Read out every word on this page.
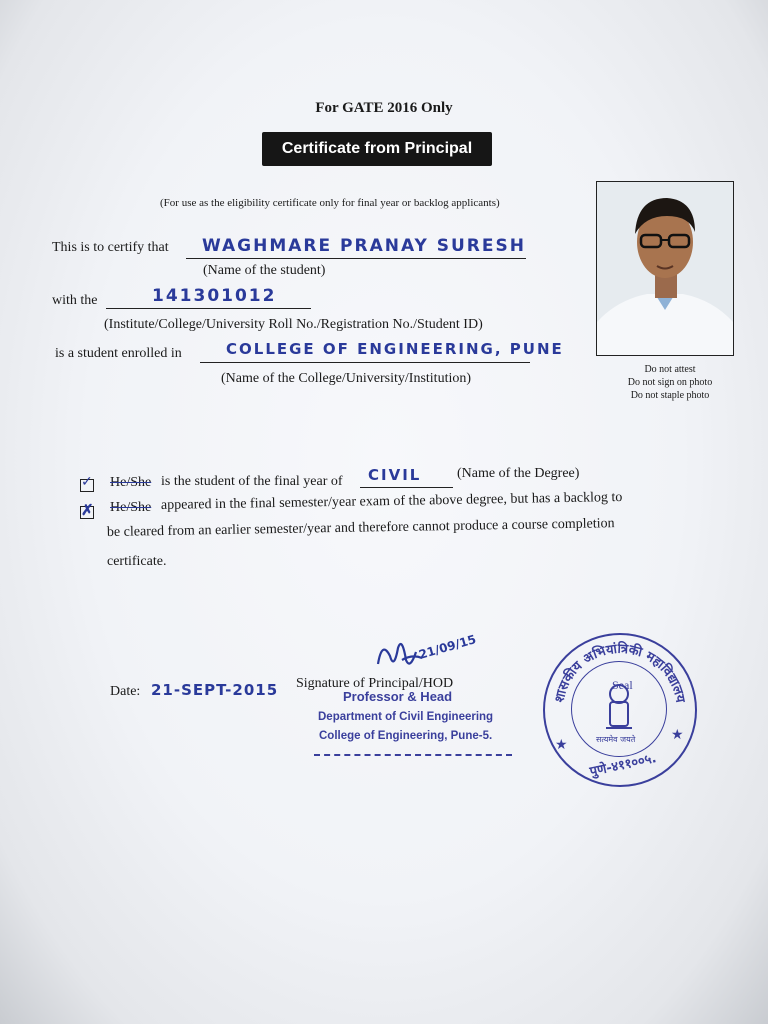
For GATE 2016 Only
Certificate from Principal
(For use as the eligibility certificate only for final year or backlog applicants)
This is to certify that WAGHMARE PRANAY SURESH
(Name of the student)
with the	141301012
(Institute/College/University Roll No./Registration No./Student ID)
is a student enrolled in	COLLEGE OF ENGINEERING, PUNE
(Name of the College/University/Institution)
Do not attest
Do not sign on photo
Do not staple photo
✓ He/She is the student of the final year of CIVIL	(Name of the Degree)
✗ He/She appeared in the final semester/year exam of the above degree, but has a backlog to
be cleared from an earlier semester/year and therefore cannot produce a course completion
certificate.
21/09/15
Date: 21-SEPT-2015 Signature of Principal/HOD
Professor & Head
Department of Civil Engineering
College of Engineering, Pune-5.
शासकीय अभियांत्रिकी महाविद्यालय
★
★
Seal
सत्यमेव जयते
पुणे-४११००५.
